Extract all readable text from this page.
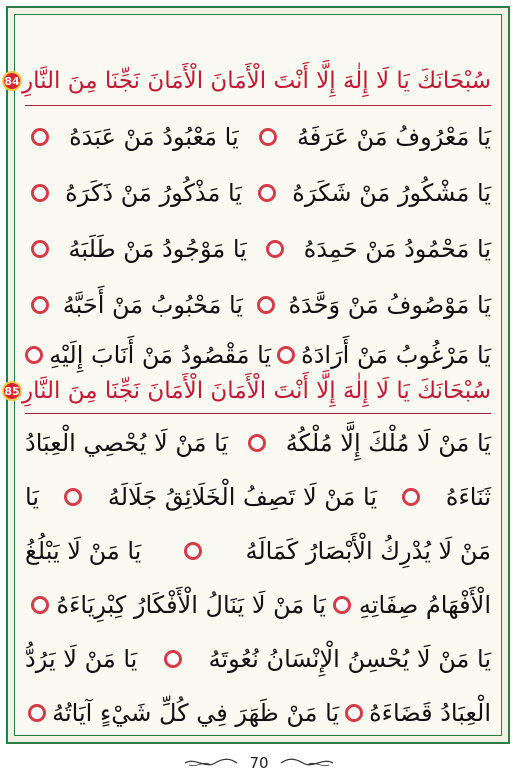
سُبْحَانَكَ يَا لَا إِلٰهَ إِلَّا أَنْتَ الْأَمَانَ الْأَمَانَ نَجِّنَا مِنَ النَّارِ
84
يَا مَعْرُوفُ مَنْ عَرَفَهُ
يَا مَعْبُودُ مَنْ عَبَدَهُ
يَا مَشْكُورُ مَنْ شَكَرَهُ
يَا مَذْكُورُ مَنْ ذَكَرَهُ
يَا مَحْمُودُ مَنْ حَمِدَهُ
يَا مَوْجُودُ مَنْ طَلَبَهُ
يَا مَوْصُوفُ مَنْ وَحَّدَهُ
يَا مَحْبُوبُ مَنْ أَحَبَّهُ
يَا مَرْغُوبُ مَنْ أَرَادَهُ
يَا مَقْصُودُ مَنْ أَنَابَ إِلَيْهِ
سُبْحَانَكَ يَا لَا إِلٰهَ إِلَّا أَنْتَ الْأَمَانَ الْأَمَانَ نَجِّنَا مِنَ النَّارِ
85
يَا مَنْ لَا مُلْكَ إِلَّا مُلْكُهُ
يَا مَنْ لَا يُحْصِي الْعِبَادُ
ثَنَاءَهُ
يَا مَنْ لَا تَصِفُ الْخَلَائِقُ جَلَالَهُ
يَا
مَنْ لَا يُدْرِكُ الْأَبْصَارُ كَمَالَهُ
يَا مَنْ لَا يَبْلُغُ
الْأَفْهَامُ صِفَاتِهِ
يَا مَنْ لَا يَنَالُ الْأَفْكَارُ كِبْرِيَاءَهُ
يَا مَنْ لَا يُحْسِنُ الْإِنْسَانُ نُعُوتَهُ
يَا مَنْ لَا يَرُدُّ
الْعِبَادُ قَضَاءَهُ
يَا مَنْ ظَهَرَ فِي كُلِّ شَيْءٍ آيَاتُهُ
70
